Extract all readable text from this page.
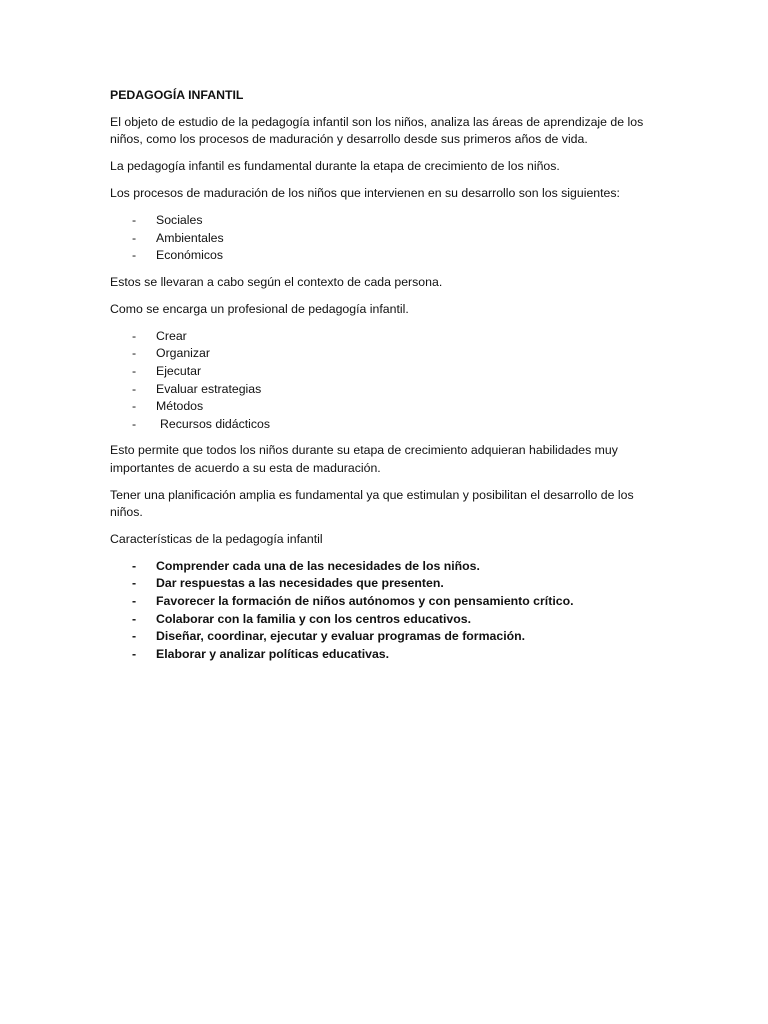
PEDAGOGÍA INFANTIL

El objeto de estudio de la pedagogía infantil son los niños, analiza las áreas de aprendizaje de los niños, como los procesos de maduración y desarrollo desde sus primeros años de vida.

La pedagogía infantil es fundamental durante la etapa de crecimiento de los niños.

Los procesos de maduración de los niños que intervienen en su desarrollo son los siguientes:

- Sociales
- Ambientales
- Económicos

Estos se llevaran a cabo según el contexto de cada persona.

Como se encarga un profesional de pedagogía infantil.

- Crear
- Organizar
- Ejecutar
- Evaluar estrategias
- Métodos
- Recursos didácticos

Esto permite que todos los niños durante su etapa de crecimiento adquieran habilidades muy importantes de acuerdo a su esta de maduración.

Tener una planificación amplia es fundamental ya que estimulan y posibilitan el desarrollo de los niños.

Características de la pedagogía infantil
- Comprender cada una de las necesidades de los niños.
- Dar respuestas a las necesidades que presenten.
- Favorecer la formación de niños autónomos y con pensamiento crítico.
- Colaborar con la familia y con los centros educativos.
- Diseñar, coordinar, ejecutar y evaluar programas de formación.
- Elaborar y analizar políticas educativas.
